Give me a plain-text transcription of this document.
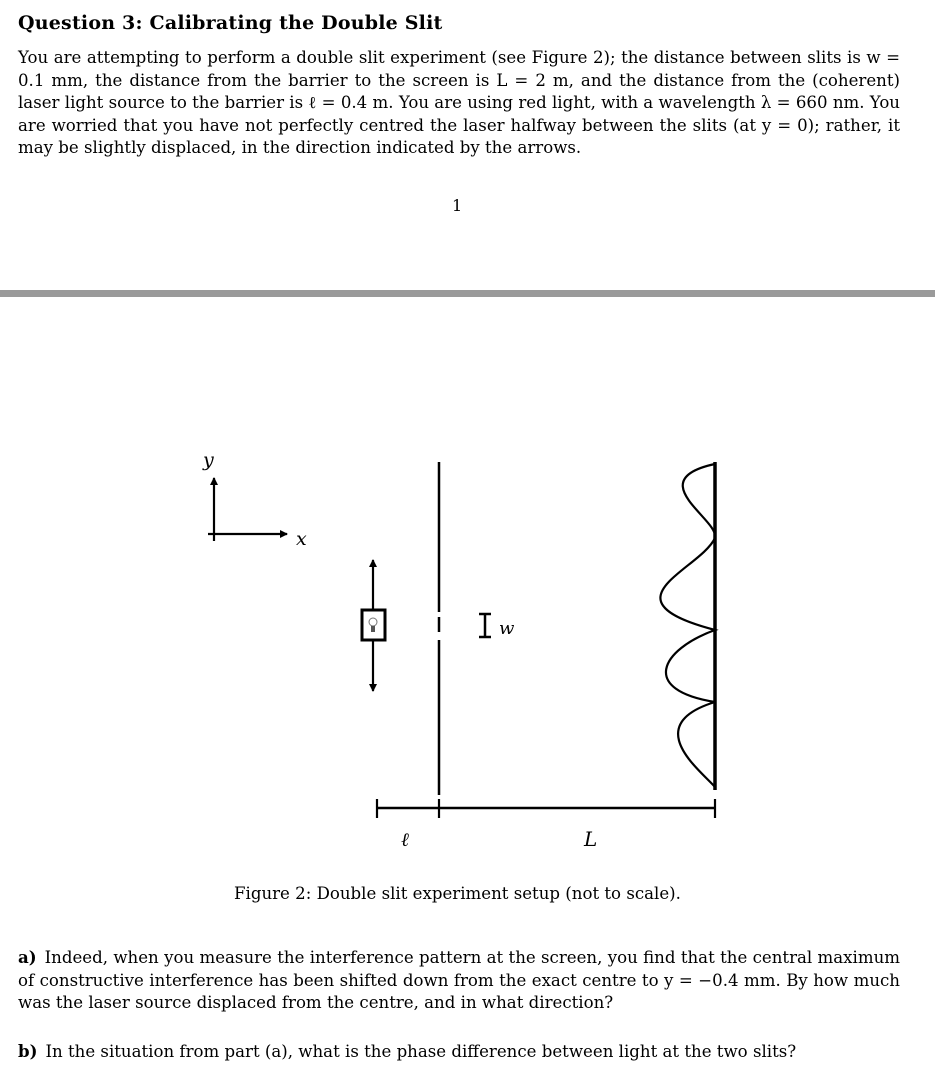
Question 3: Calibrating the Double Slit
You are attempting to perform a double slit experiment (see Figure 2); the distance between slits is w = 0.1 mm, the distance from the barrier to the screen is L = 2 m, and the distance from the (coherent) laser light source to the barrier is ℓ = 0.4 m. You are using red light, with a wavelength λ = 660 nm. You are worried that you have not perfectly centred the laser halfway between the slits (at y = 0); rather, it may be slightly displaced, in the direction indicated by the arrows.
1
y
x
w
ℓ	L
Figure 2: Double slit experiment setup (not to scale).
a) Indeed, when you measure the interference pattern at the screen, you find that the central maximum of constructive interference has been shifted down from the exact centre to y = −0.4 mm. By how much was the laser source displaced from the centre, and in what direction?
b) In the situation from part (a), what is the phase difference between light at the two slits?
